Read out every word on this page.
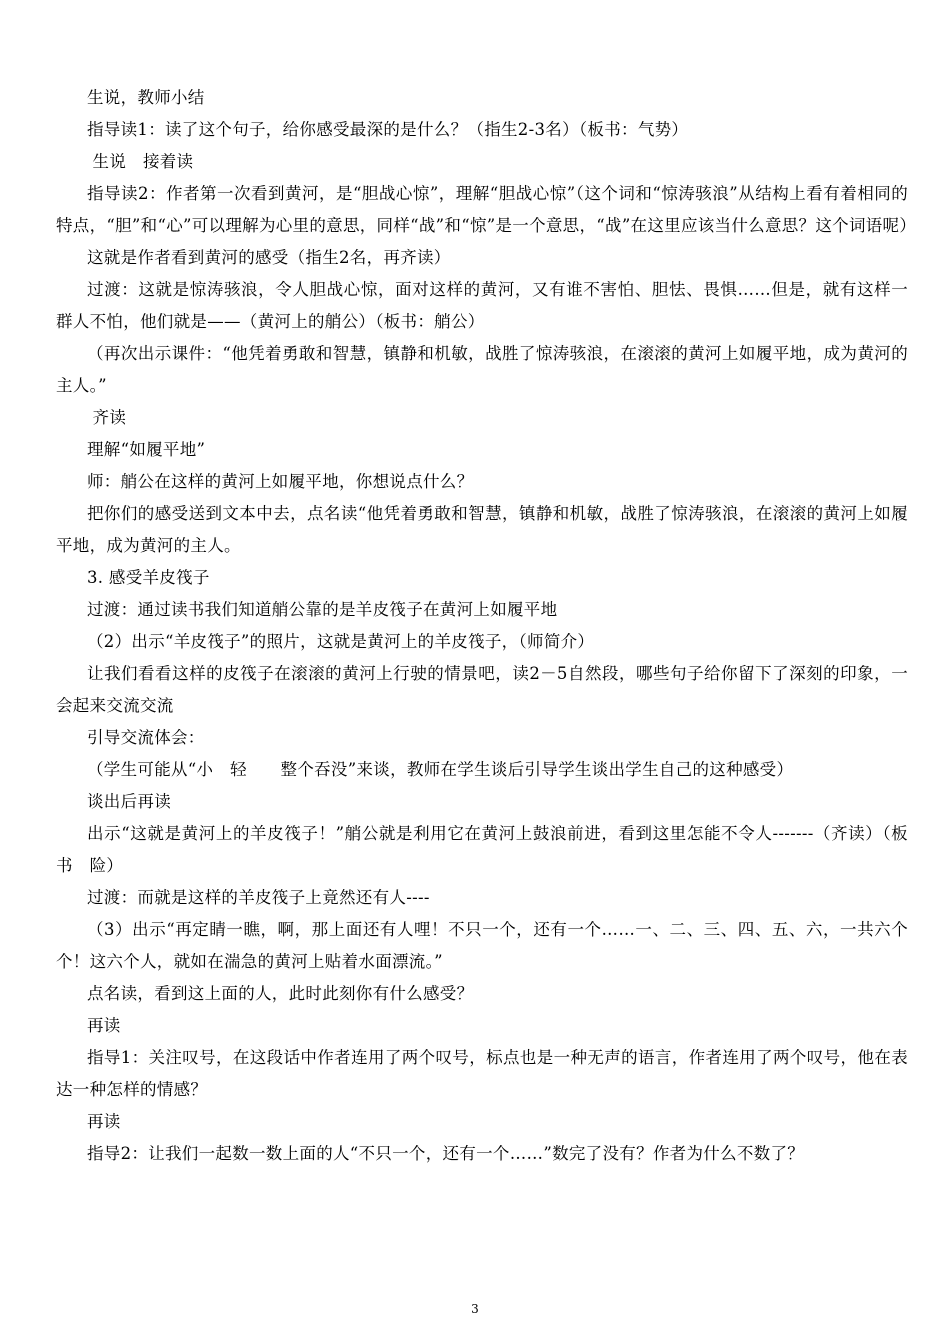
生说，教师小结

指导读1：读了这个句子，给你感受最深的是什么？（指生2-3名）（板书：气势）

生说　接着读

指导读2：作者第一次看到黄河，是“胆战心惊”，理解“胆战心惊”（这个词和“惊涛骇浪”从结构上看有着相同的特点，“胆”和“心”可以理解为心里的意思，同样“战”和“惊”是一个意思，“战”在这里应该当什么意思？这个词语呢）

这就是作者看到黄河的感受（指生2名，再齐读）

过渡：这就是惊涛骇浪，令人胆战心惊，面对这样的黄河，又有谁不害怕、胆怯、畏惧……但是，就有这样一群人不怕，他们就是——（黄河上的艄公）（板书：艄公）

（再次出示课件：“他凭着勇敢和智慧，镇静和机敏，战胜了惊涛骇浪，在滚滚的黄河上如履平地，成为黄河的主人。”

齐读

理解“如履平地”

师：艄公在这样的黄河上如履平地，你想说点什么？

把你们的感受送到文本中去，点名读“他凭着勇敢和智慧，镇静和机敏，战胜了惊涛骇浪，在滚滚的黄河上如履平地，成为黄河的主人。

3. 感受羊皮筏子

过渡：通过读书我们知道艄公靠的是羊皮筏子在黄河上如履平地

（2）出示“羊皮筏子”的照片，这就是黄河上的羊皮筏子，（师简介）

让我们看看这样的皮筏子在滚滚的黄河上行驶的情景吧，读2－5自然段，哪些句子给你留下了深刻的印象，一会起来交流交流

引导交流体会：

（学生可能从“小　轻　　整个吞没”来谈，教师在学生谈后引导学生谈出学生自己的这种感受）

谈出后再读

出示“这就是黄河上的羊皮筏子！”艄公就是利用它在黄河上鼓浪前进，看到这里怎能不令人-------（齐读）（板书　险）

过渡：而就是这样的羊皮筏子上竟然还有人----

（3）出示“再定睛一瞧，啊，那上面还有人哩！不只一个，还有一个……一、二、三、四、五、六，一共六个个！这六个人，就如在湍急的黄河上贴着水面漂流。”

点名读，看到这上面的人，此时此刻你有什么感受？

再读

指导1：关注叹号，在这段话中作者连用了两个叹号，标点也是一种无声的语言，作者连用了两个叹号，他在表达一种怎样的情感？

再读

指导2：让我们一起数一数上面的人“不只一个，还有一个……”数完了没有？作者为什么不数了？

3
